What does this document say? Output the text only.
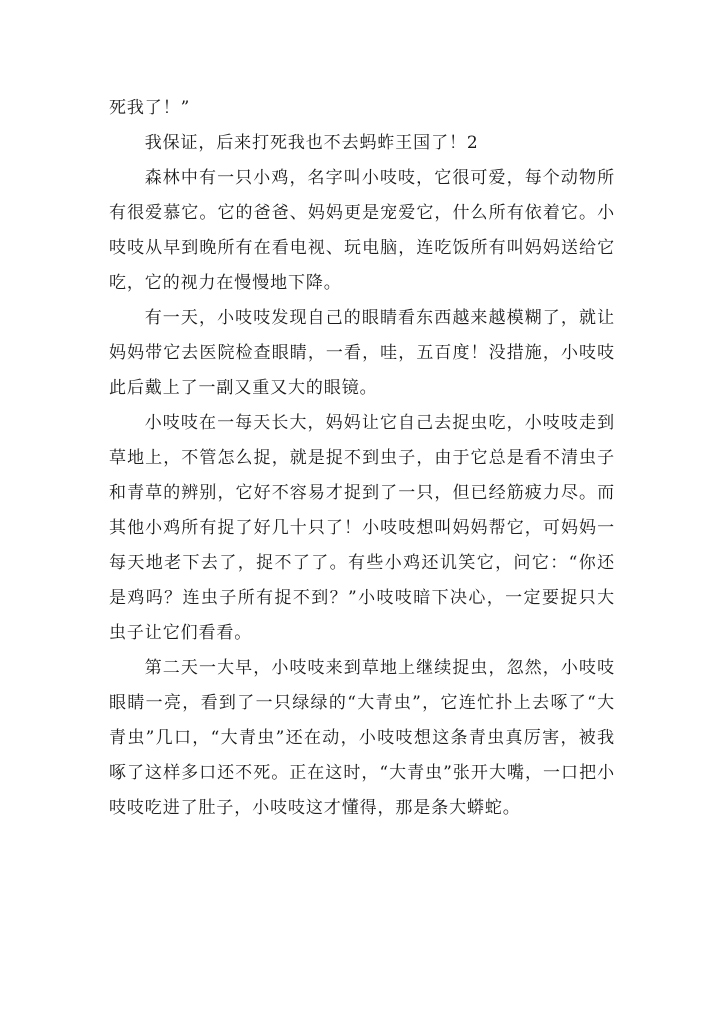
死我了！”

我保证，后来打死我也不去蚂蚱王国了！2

森林中有一只小鸡，名字叫小吱吱，它很可爱，每个动物所有很爱慕它。它的爸爸、妈妈更是宠爱它，什么所有依着它。小吱吱从早到晚所有在看电视、玩电脑，连吃饭所有叫妈妈送给它吃，它的视力在慢慢地下降。

有一天，小吱吱发现自己的眼睛看东西越来越模糊了，就让妈妈带它去医院检查眼睛，一看，哇，五百度！没措施，小吱吱此后戴上了一副又重又大的眼镜。

小吱吱在一每天长大，妈妈让它自己去捉虫吃，小吱吱走到草地上，不管怎么捉，就是捉不到虫子，由于它总是看不清虫子和青草的辨别，它好不容易才捉到了一只，但已经筋疲力尽。而其他小鸡所有捉了好几十只了！小吱吱想叫妈妈帮它，可妈妈一每天地老下去了，捉不了了。有些小鸡还讥笑它，问它：“你还是鸡吗？连虫子所有捉不到？”小吱吱暗下决心，一定要捉只大虫子让它们看看。

第二天一大早，小吱吱来到草地上继续捉虫，忽然，小吱吱眼睛一亮，看到了一只绿绿的“大青虫”，它连忙扑上去啄了“大青虫”几口，“大青虫”还在动，小吱吱想这条青虫真厉害，被我啄了这样多口还不死。正在这时，“大青虫”张开大嘴，一口把小吱吱吃进了肚子，小吱吱这才懂得，那是条大蟒蛇。
